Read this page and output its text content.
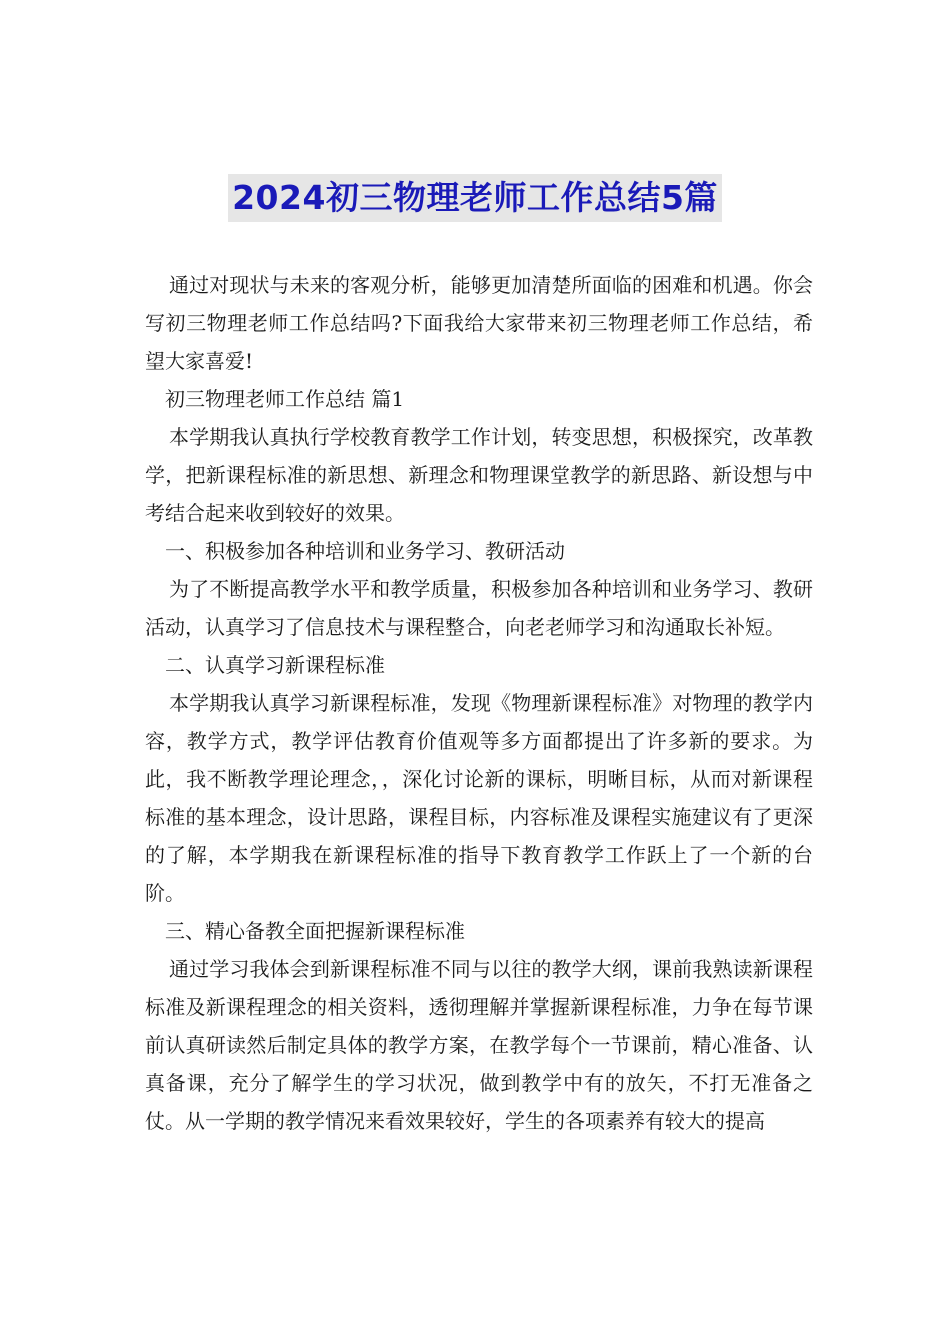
2024初三物理老师工作总结5篇

通过对现状与未来的客观分析，能够更加清楚所面临的困难和机遇。你会写初三物理老师工作总结吗?下面我给大家带来初三物理老师工作总结，希望大家喜爱!

初三物理老师工作总结 篇1

本学期我认真执行学校教育教学工作计划，转变思想，积极探究，改革教学，把新课程标准的新思想、新理念和物理课堂教学的新思路、新设想与中考结合起来收到较好的效果。

一、积极参加各种培训和业务学习、教研活动

为了不断提高教学水平和教学质量，积极参加各种培训和业务学习、教研活动，认真学习了信息技术与课程整合，向老老师学习和沟通取长补短。

二、认真学习新课程标准

本学期我认真学习新课程标准，发现《物理新课程标准》对物理的教学内容，教学方式，教学评估教育价值观等多方面都提出了许多新的要求。为此，我不断教学理论理念，，深化讨论新的课标，明晰目标，从而对新课程标准的基本理念，设计思路，课程目标，内容标准及课程实施建议有了更深的了解，本学期我在新课程标准的指导下教育教学工作跃上了一个新的台阶。

三、精心备教全面把握新课程标准

通过学习我体会到新课程标准不同与以往的教学大纲，课前我熟读新课程标准及新课程理念的相关资料，透彻理解并掌握新课程标准，力争在每节课前认真研读然后制定具体的教学方案，在教学每个一节课前，精心准备、认真备课，充分了解学生的学习状况，做到教学中有的放矢，不打无准备之仗。从一学期的教学情况来看效果较好，学生的各项素养有较大的提高
